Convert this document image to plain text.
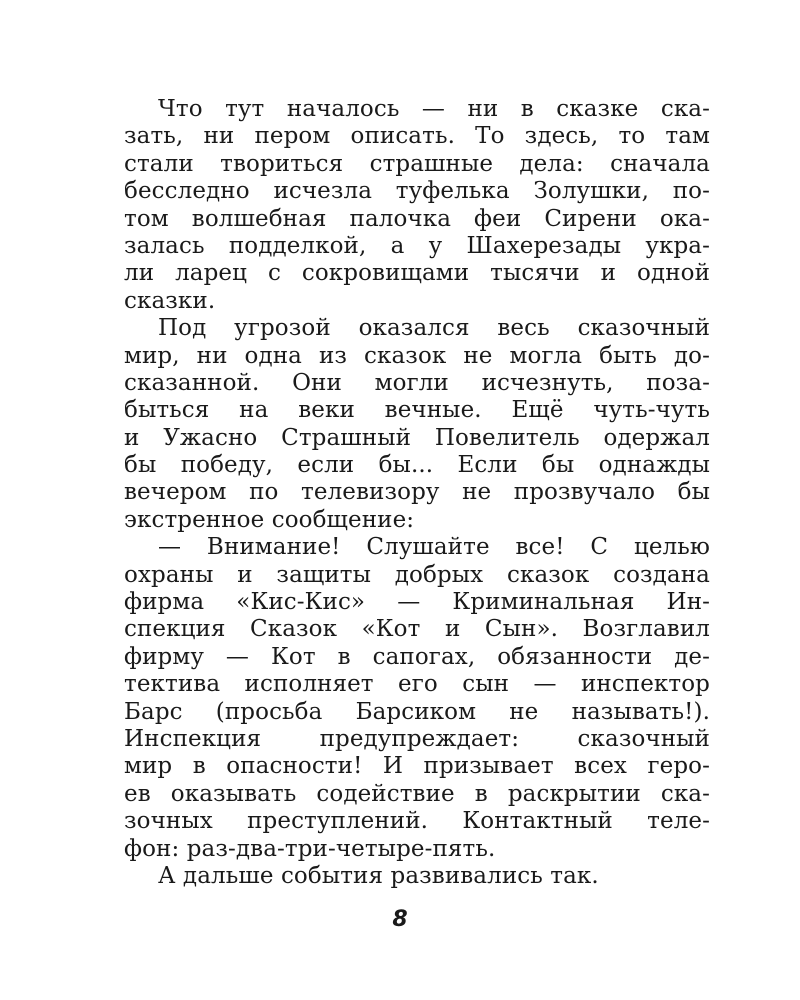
Что тут началось — ни в сказке ска-
зать, ни пером описать. То здесь, то там
стали твориться страшные дела: сначала
бесследно исчезла туфелька Золушки, по-
том волшебная палочка феи Сирени ока-
залась подделкой, а у Шахерезады укра-
ли ларец с сокровищами тысячи и одной
сказки.
Под угрозой оказался весь сказочный
мир, ни одна из сказок не могла быть до-
сказанной. Они могли исчезнуть, поза-
быться на веки вечные. Ещё чуть-чуть
и Ужасно Страшный Повелитель одержал
бы победу, если бы... Если бы однажды
вечером по телевизору не прозвучало бы
экстренное сообщение:
— Внимание! Слушайте все! С целью
охраны и защиты добрых сказок создана
фирма «Кис-Кис» — Криминальная Ин-
спекция Сказок «Кот и Сын». Возглавил
фирму — Кот в сапогах, обязанности де-
тектива исполняет его сын — инспектор
Барс (просьба Барсиком не называть!).
Инспекция предупреждает: сказочный
мир в опасности! И призывает всех геро-
ев оказывать содействие в раскрытии ска-
зочных преступлений. Контактный теле-
фон: раз-два-три-четыре-пять.
А дальше события развивались так.
8
